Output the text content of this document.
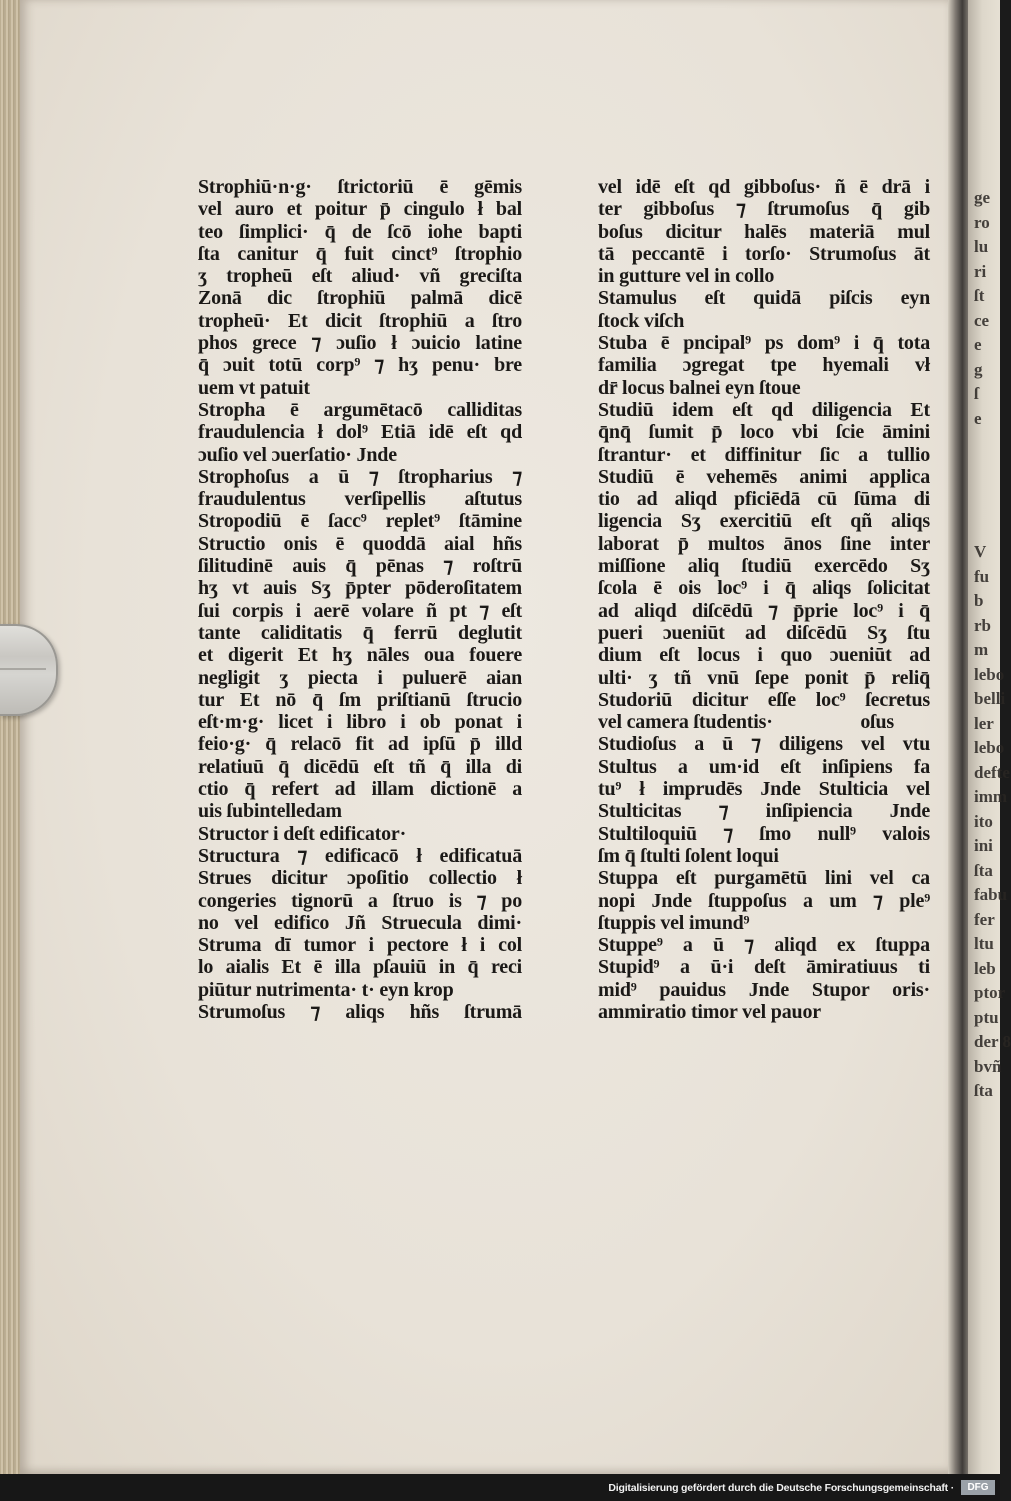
Strophiū·n·g· ſtrictoriū ē gēmis
vel auro et poitur p̄ cingulo ł bal
teo ſimplici· q̄ de ſcō iohe bapti
ſta canitur q̄ fuit cinct⁹ ſtrophio
ʒ tropheū eſt aliud· vñ greciſta
Zonā dic ſtrophiū palmā dicē
tropheū· Et dicit ſtrophiū a ſtro
phos grece ⁊ ɔuſio ł ɔuicio latine
q̄ ɔuit totū corp⁹ ⁊ hʒ penu· bre
uem vt patuit
Stropha ē argumētacō calliditas
fraudulencia ł dol⁹ Etiā idē eſt qd
ɔuſio vel ɔuerſatio· Jnde
Strophoſus a ū ⁊ ſtropharius ⁊
fraudulentus verſipellis aſtutus
Stropodiū ē ſacc⁹ replet⁹ ſtāmine
Structio onis ē quoddā aial hñs
ſilitudinē auis q̄ pēnas ⁊ roſtrū
hʒ vt auis Sʒ p̄pter pōderoſitatem
ſui corpis i aerē volare ñ pt ⁊ eſt
tante caliditatis q̄ ferrū deglutit
et digerit Et hʒ nāles oua fouere
negligit ʒ piecta i puluerē aian
tur Et nō q̄ ſm priſtianū ſtrucio
eſt·m·g· licet i libro i ob ponat i
feio·g· q̄ relacō fit ad ipſū p̄ illd
relatiuū q̄ dicēdū eſt tñ q̄ illa di
ctio q̄ refert ad illam dictionē a
uis ſubintelledam
Structor i deſt edificator·
Structura ⁊ edificacō ł edificatuā
Strues dicitur ɔpoſitio collectio ł
congeries tignorū a ſtruo is ⁊ po
no vel edifico Jñ Struecula dimi·
Struma dī tumor i pectore ł i col
lo aialis Et ē illa pſauiū in q̄ reci
piūtur nutrimenta· t· eyn krop
Strumoſus ⁊ aliqs hñs ſtrumā
vel idē eſt qd gibboſus· ñ ē drā i
ter gibboſus ⁊ ſtrumoſus q̄ gib
boſus dicitur halēs materiā mul
tā peccantē i torſo· Strumoſus āt
in gutture vel in collo
Stamulus eſt quidā piſcis eyn
ſtock viſch
Stuba ē pncipal⁹ ps dom⁹ i q̄ tota
familia ɔgregat tpe hyemali vł
dr̄ locus balnei eyn ſtoue
Studiū idem eſt qd diligencia Et
q̄nq̄ ſumit p̄ loco vbi ſcie āmini
ſtrantur· et diffinitur ſic a tullio
Studiū ē vehemēs animi applica
tio ad aliqd pficiēdā cū ſūma di
ligencia Sʒ exercitiū eſt qñ aliqs
laborat p̄ multos ānos ſine inter
miſſione aliq ſtudiū exercēdo Sʒ
ſcola ē ois loc⁹ i q̄ aliqs ſolicitat
ad aliqd diſcēdū ⁊ p̄prie loc⁹ i q̄
pueri ɔueniūt ad diſcēdū Sʒ ſtu
dium eſt locus i quo ɔueniūt ad
ulti· ʒ tñ vnū ſepe ponit p̄ reliq̄
Studoriū dicitur eſſe loc⁹ ſecretus
vel camera ſtudentis·	oſus
Studioſus a ū ⁊ diligens vel vtu
Stultus a um·id eſt inſipiens fa
tu⁹ ł imprudēs Jnde Stulticia vel
Stulticitas ⁊ inſipiencia Jnde
Stultiloquiū ⁊ ſmo null⁹ valois
ſm q̄ ſtulti ſolent loqui
Stuppa eſt purgamētū lini vel ca
nopi Jnde ſtuppoſus a um ⁊ ple⁹
ſtuppis vel imund⁹
Stuppe⁹ a ū ⁊ aliqd ex ſtuppa
Stupid⁹ a ū·i deſt āmiratiuus ti
mid⁹ pauidus Jnde Stupor oris·
ammiratio timor vel pauor
ge
ro
lu
ri
ſt
ce
e
g
ſ
e
V
fu
b
rb
m
lebo
belli
ler
lebo
defte
imm
ito
ini
ſta
fabu
fer
ltu
leb
ptor
ptu
der 8
bvñ
ſta
Digitalisierung gefördert durch die Deutsche Forschungsgemeinschaft ·	DFG
